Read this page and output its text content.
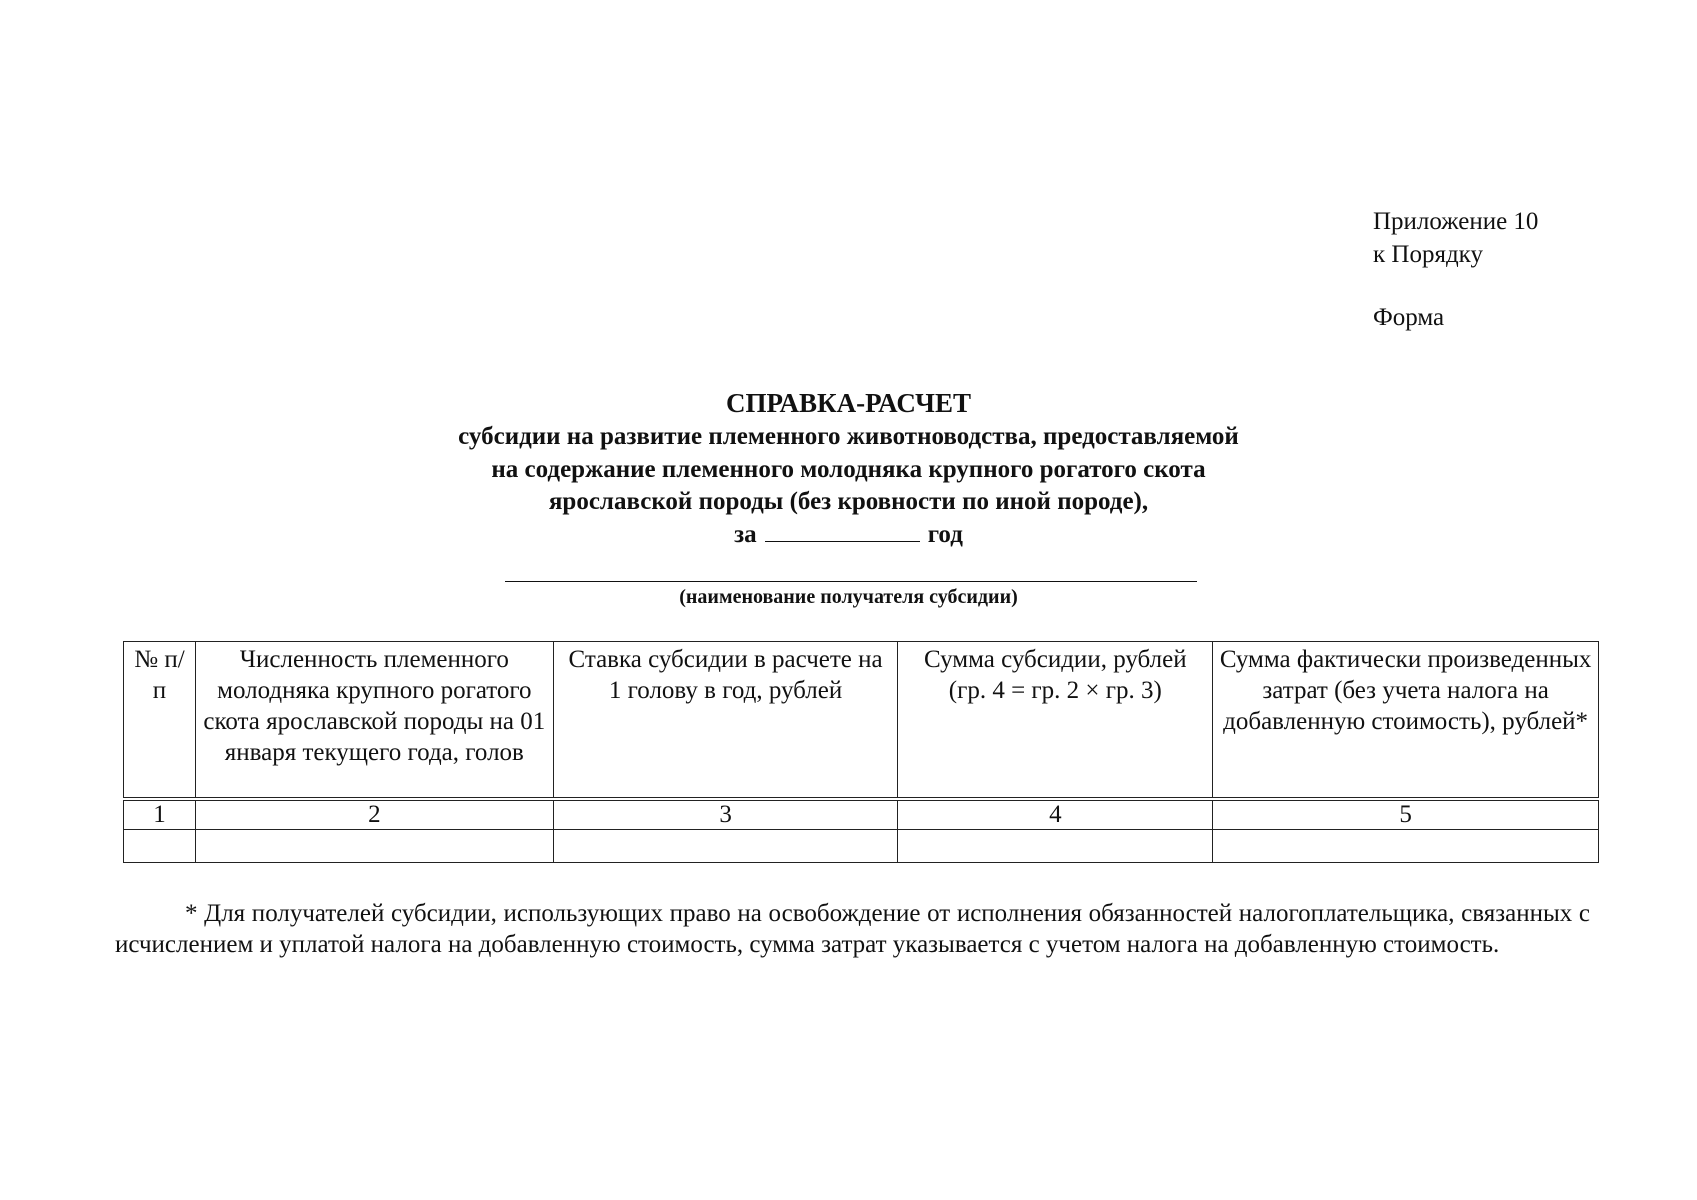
Приложение 10
к Порядку
Форма
СПРАВКА-РАСЧЕТ
субсидии на развитие племенного животноводства, предоставляемой
на содержание племенного молодняка крупного рогатого скота
ярославской породы (без кровности по иной породе),
за	год
(наименование получателя субсидии)
№ п/п	Численность племенного молодняка крупного рогатого скота ярославской породы на 01 января текущего года, голов	Ставка субсидии в расчете на 1 голову в год, рублей	Сумма субсидии, рублей (гр. 4 = гр. 2 × гр. 3)	Сумма фактически произведенных затрат (без учета налога на добавленную стоимость), рублей*
1	2	3	4	5

* Для получателей субсидии, использующих право на освобождение от исполнения обязанностей налогоплательщика, связанных с исчислением и уплатой налога на добавленную стоимость, сумма затрат указывается с учетом налога на добавленную стоимость.
